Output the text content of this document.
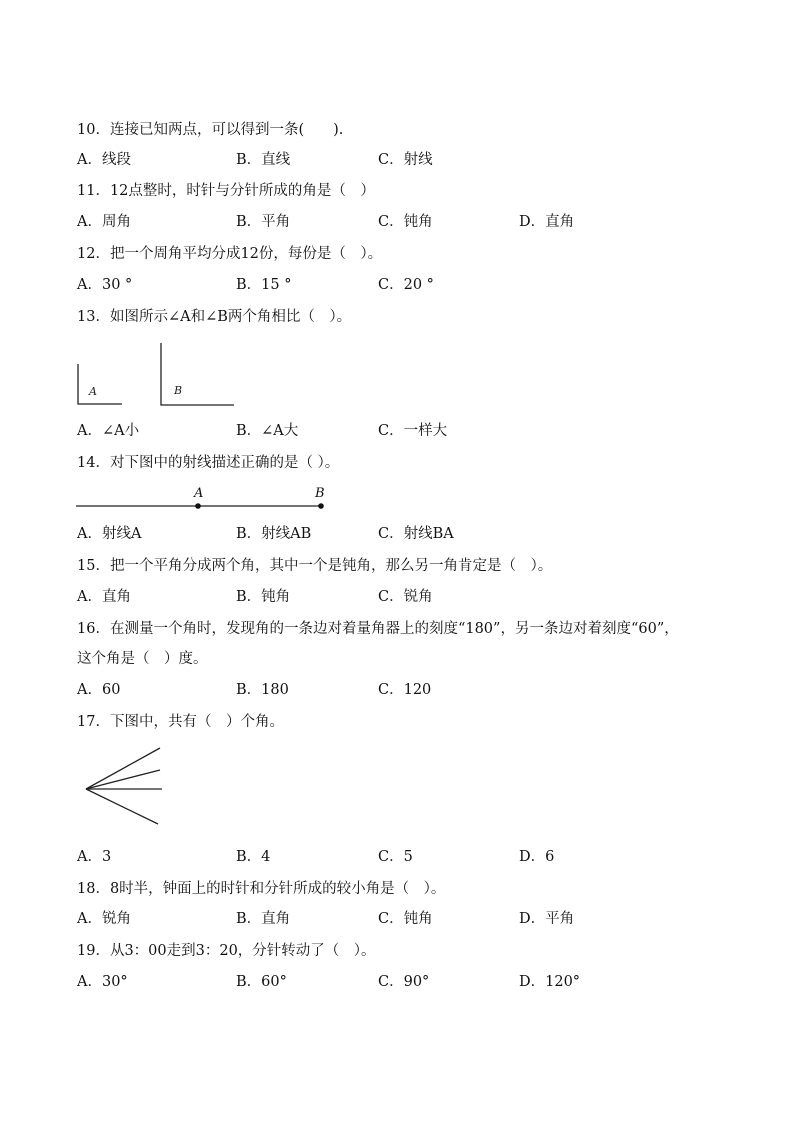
10．连接已知两点，可以得到一条(　　).
A．线段	B．直线	C．射线
11．12点整时，时针与分针所成的角是（　）
A．周角	B．平角	C．钝角	D．直角
12．把一个周角平均分成12份，每份是（　）。
A．30 °	B．15 °	C．20 °
13．如图所示∠A和∠B两个角相比（　）。
A	B
A．∠A小	B．∠A大	C．一样大
14．对下图中的射线描述正确的是（ ）。
A	B
A．射线A	B．射线AB	C．射线BA
15．把一个平角分成两个角，其中一个是钝角，那么另一角肯定是（　）。
A．直角	B．钝角	C．锐角
16．在测量一个角时，发现角的一条边对着量角器上的刻度“180”，另一条边对着刻度“60”，
这个角是（　）度。
A．60	B．180	C．120
17．下图中，共有（　）个角。
A．3	B．4	C．5	D．6
18．8时半，钟面上的时针和分针所成的较小角是（　）。
A．锐角	B．直角	C．钝角	D．平角
19．从3：00走到3：20，分针转动了（　）。
A．30°	B．60°	C．90°	D．120°
